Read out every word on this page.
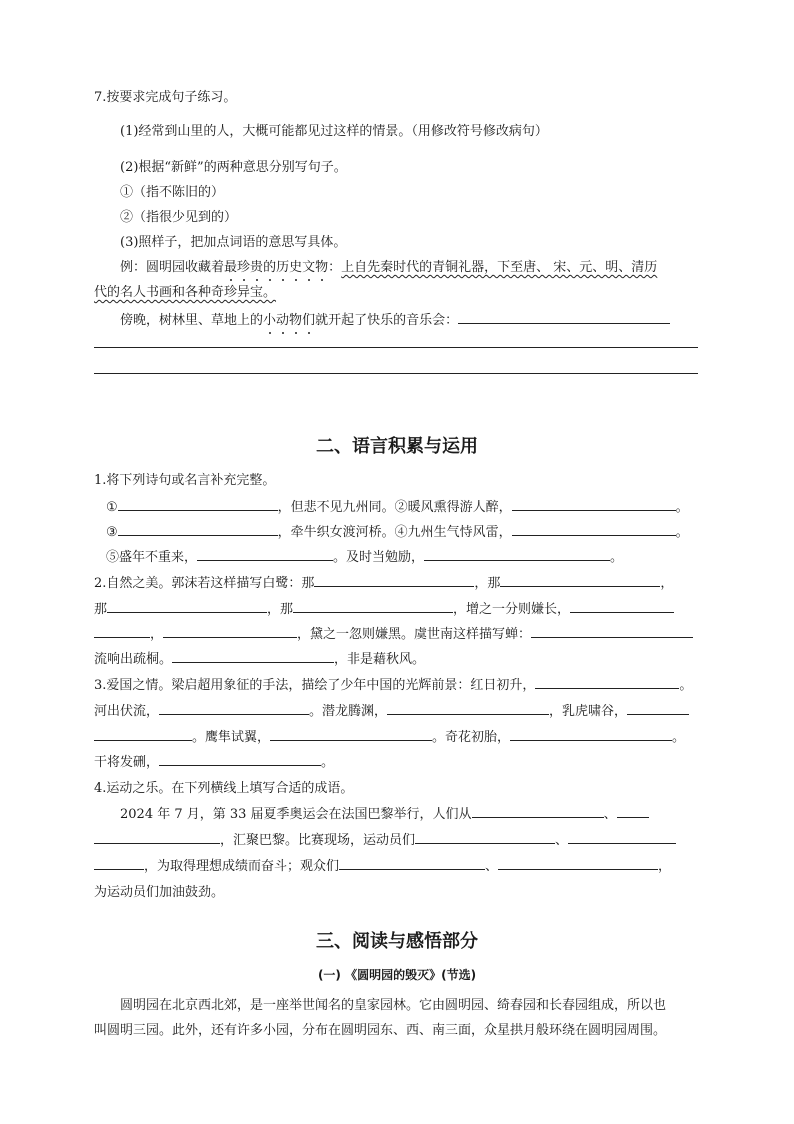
7.按要求完成句子练习。
(1)经常到山里的人，大概可能都见过这样的情景。（用修改符号修改病句）
(2)根据“新鲜”的两种意思分别写句子。
①（指不陈旧的）
②（指很少见到的）
(3)照样子，把加点词语的意思写具体。
例：圆明园收藏着最珍贵的历史文物：上自先秦时代的青铜礼器，下至唐、 宋、元、明、清历
代的名人书画和各种奇珍异宝。
傍晚，树林里、草地上的小动物们就开起了快乐的音乐会：
二、语言积累与运用
1.将下列诗句或名言补充完整。
①	，但悲不见九州同。②暖风熏得游人醉，	。
③	，牵牛织女渡河桥。④九州生气恃风雷，	。
⑤盛年不重来，	。及时当勉励，	。
2.自然之美。郭沫若这样描写白鹭：那	，那	，
那	，那	，增之一分则嫌长，
，	，黛之一忽则嫌黑。虞世南这样描写蝉：
流响出疏桐。	，非是藉秋风。
3.爱国之情。梁启超用象征的手法，描绘了少年中国的光辉前景：红日初升，	。
河出伏流，	。潜龙腾渊，	，乳虎啸谷，
。鹰隼试翼，	。奇花初胎，	。
干将发硎，	。
4.运动之乐。在下列横线上填写合适的成语。
2024 年 7 月，第 33 届夏季奥运会在法国巴黎举行，人们从	、
，汇聚巴黎。比赛现场，运动员们	、
，为取得理想成绩而奋斗；观众们	、	，
为运动员们加油鼓劲。
三、阅读与感悟部分
(一) 《圆明园的毁灭》(节选)
圆明园在北京西北郊，是一座举世闻名的皇家园林。它由圆明园、绮春园和长春园组成，所以也
叫圆明三园。此外，还有许多小园，分布在圆明园东、西、南三面，众星拱月般环绕在圆明园周围。
